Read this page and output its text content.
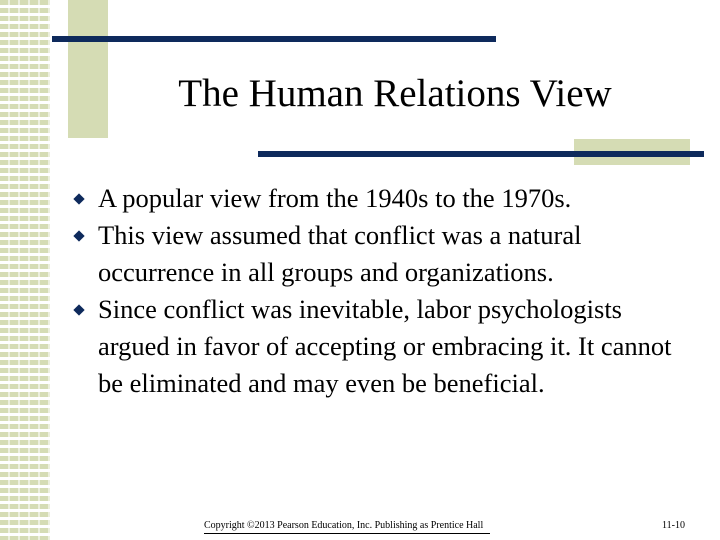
The Human Relations View
A popular view from the 1940s to the 1970s.
This view assumed that conflict was a natural occurrence in all groups and organizations.
Since conflict was inevitable, labor psychologists argued in favor of accepting or embracing it. It cannot be eliminated and may even be beneficial.
Copyright ©2013 Pearson Education, Inc. Publishing as Prentice Hall	11-10
